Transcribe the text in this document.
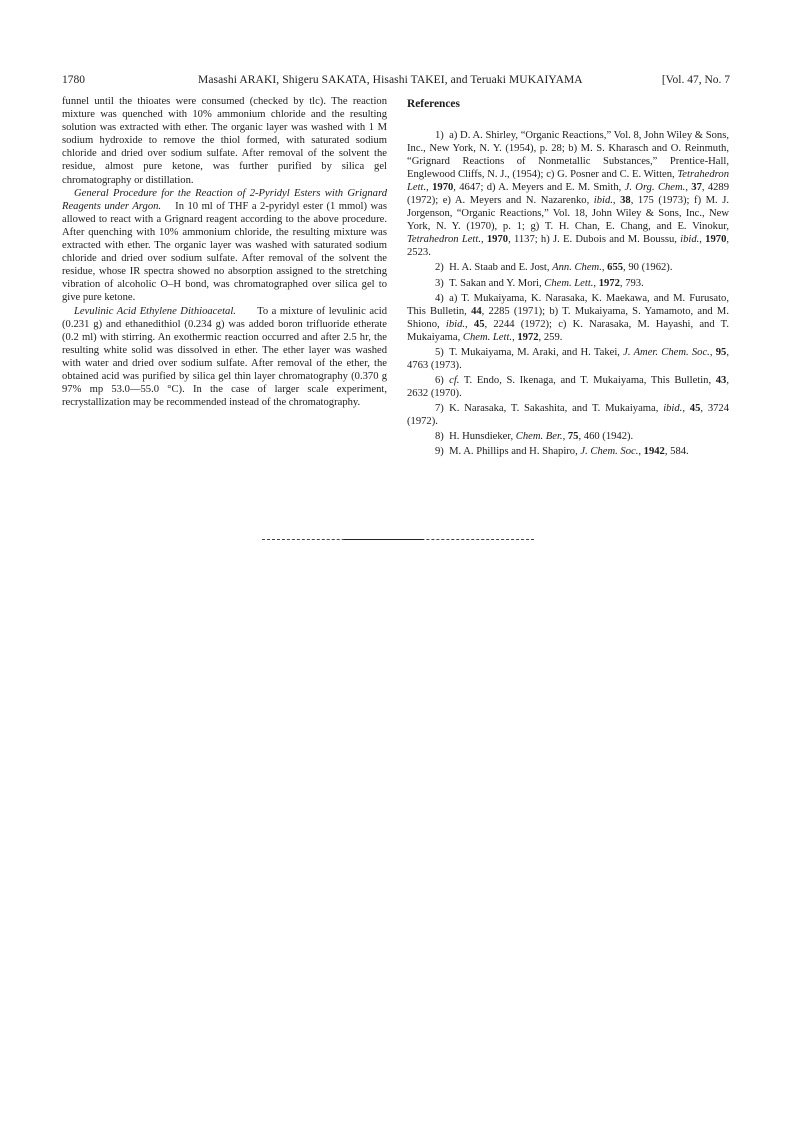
1780	Masashi ARAKI, Shigeru SAKATA, Hisashi TAKEI, and Teruaki MUKAIYAMA	[Vol. 47, No. 7

funnel until the thioates were consumed (checked by tlc). The reaction mixture was quenched with 10% ammonium chloride and the resulting solution was extracted with ether. The organic layer was washed with 1 M sodium hydroxide to remove the thiol formed, with saturated sodium chloride and dried over sodium sulfate. After removal of the solvent the residue, almost pure ketone, was further purified by silica gel chromatography or distillation.

General Procedure for the Reaction of 2-Pyridyl Esters with Grignard Reagents under Argon.  In 10 ml of THF a 2-pyridyl ester (1 mmol) was allowed to react with a Grignard reagent according to the above procedure. After quenching with 10% ammonium chloride, the resulting mixture was extracted with ether. The organic layer was washed with saturated sodium chloride and dried over sodium sulfate. After removal of the solvent the residue, whose IR spectra showed no absorption assigned to the stretching vibration of alcoholic O–H bond, was chromatographed over silica gel to give pure ketone.

Levulinic Acid Ethylene Dithioacetal.   To a mixture of levulinic acid (0.231 g) and ethanedithiol (0.234 g) was added boron trifluoride etherate (0.2 ml) with stirring. An exothermic reaction occurred and after 2.5 hr, the resulting white solid was dissolved in ether. The ether layer was washed with water and dried over sodium sulfate. After removal of the ether, the obtained acid was purified by silica gel thin layer chromatography (0.370 g 97% mp 53.0—55.0 °C). In the case of larger scale experiment, recrystallization may be recommended instead of the chromatography.

References

1)  a) D. A. Shirley, “Organic Reactions,” Vol. 8, John Wiley & Sons, Inc., New York, N. Y. (1954), p. 28; b) M. S. Kharasch and O. Reinmuth, “Grignard Reactions of Nonmetallic Substances,” Prentice-Hall, Englewood Cliffs, N. J., (1954); c) G. Posner and C. E. Witten, Tetrahedron Lett., 1970, 4647; d) A. Meyers and E. M. Smith, J. Org. Chem., 37, 4289 (1972); e) A. Meyers and N. Nazarenko, ibid., 38, 175 (1973); f) M. J. Jorgenson, “Organic Reactions,” Vol. 18, John Wiley & Sons, Inc., New York, N. Y. (1970), p. 1; g) T. H. Chan, E. Chang, and E. Vinokur, Tetrahedron Lett., 1970, 1137; h) J. E. Dubois and M. Boussu, ibid., 1970, 2523.

2)  H. A. Staab and E. Jost, Ann. Chem., 655, 90 (1962).

3)  T. Sakan and Y. Mori, Chem. Lett., 1972, 793.

4)  a) T. Mukaiyama, K. Narasaka, K. Maekawa, and M. Furusato, This Bulletin, 44, 2285 (1971); b) T. Mukaiyama, S. Yamamoto, and M. Shiono, ibid., 45, 2244 (1972); c) K. Narasaka, M. Hayashi, and T. Mukaiyama, Chem. Lett., 1972, 259.

5)  T. Mukaiyama, M. Araki, and H. Takei, J. Amer. Chem. Soc., 95, 4763 (1973).

6)  cf. T. Endo, S. Ikenaga, and T. Mukaiyama, This Bulletin, 43, 2632 (1970).

7)  K. Narasaka, T. Sakashita, and T. Mukaiyama, ibid., 45, 3724 (1972).

8)  H. Hunsdieker, Chem. Ber., 75, 460 (1942).

9)  M. A. Phillips and H. Shapiro, J. Chem. Soc., 1942, 584.
